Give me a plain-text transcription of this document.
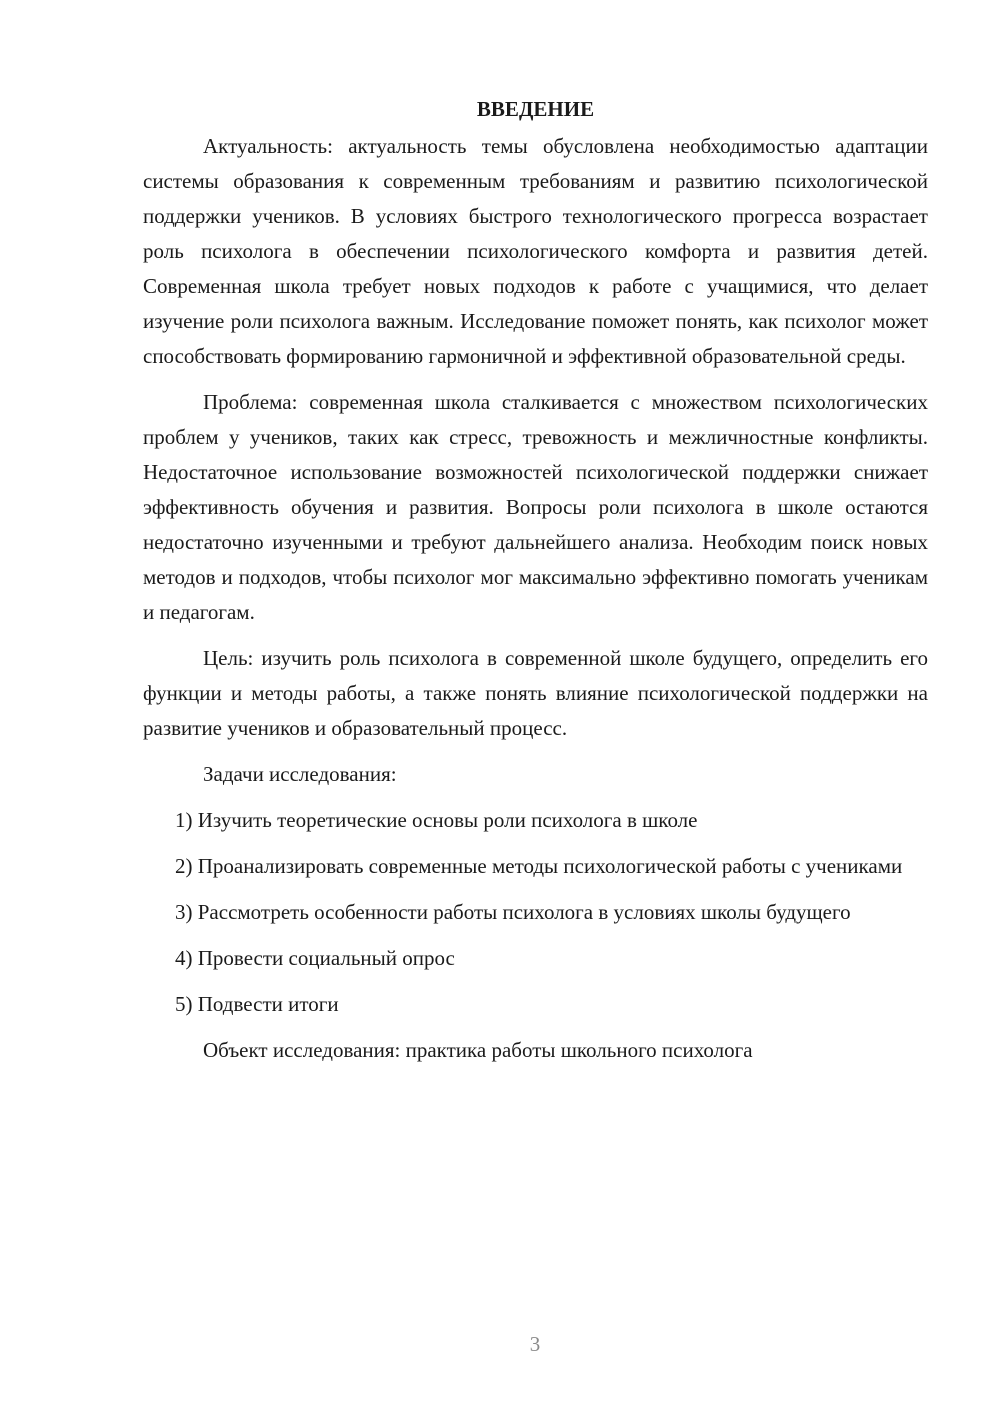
ВВЕДЕНИЕ

Актуальность: актуальность темы обусловлена необходимостью адаптации системы образования к современным требованиям и развитию психологической поддержки учеников. В условиях быстрого технологического прогресса возрастает роль психолога в обеспечении психологического комфорта и развития детей. Современная школа требует новых подходов к работе с учащимися, что делает изучение роли психолога важным. Исследование поможет понять, как психолог может способствовать формированию гармоничной и эффективной образовательной среды.

Проблема: современная школа сталкивается с множеством психологических проблем у учеников, таких как стресс, тревожность и межличностные конфликты. Недостаточное использование возможностей психологической поддержки снижает эффективность обучения и развития. Вопросы роли психолога в школе остаются недостаточно изученными и требуют дальнейшего анализа. Необходим поиск новых методов и подходов, чтобы психолог мог максимально эффективно помогать ученикам и педагогам.

Цель: изучить роль психолога в современной школе будущего, определить его функции и методы работы, а также понять влияние психологической поддержки на развитие учеников и образовательный процесс.

Задачи исследования:

1) Изучить теоретические основы роли психолога в школе

2) Проанализировать современные методы психологической работы с учениками

3) Рассмотреть особенности работы психолога в условиях школы будущего

4) Провести социальный опрос

5) Подвести итоги

Объект исследования: практика работы школьного психолога

3
